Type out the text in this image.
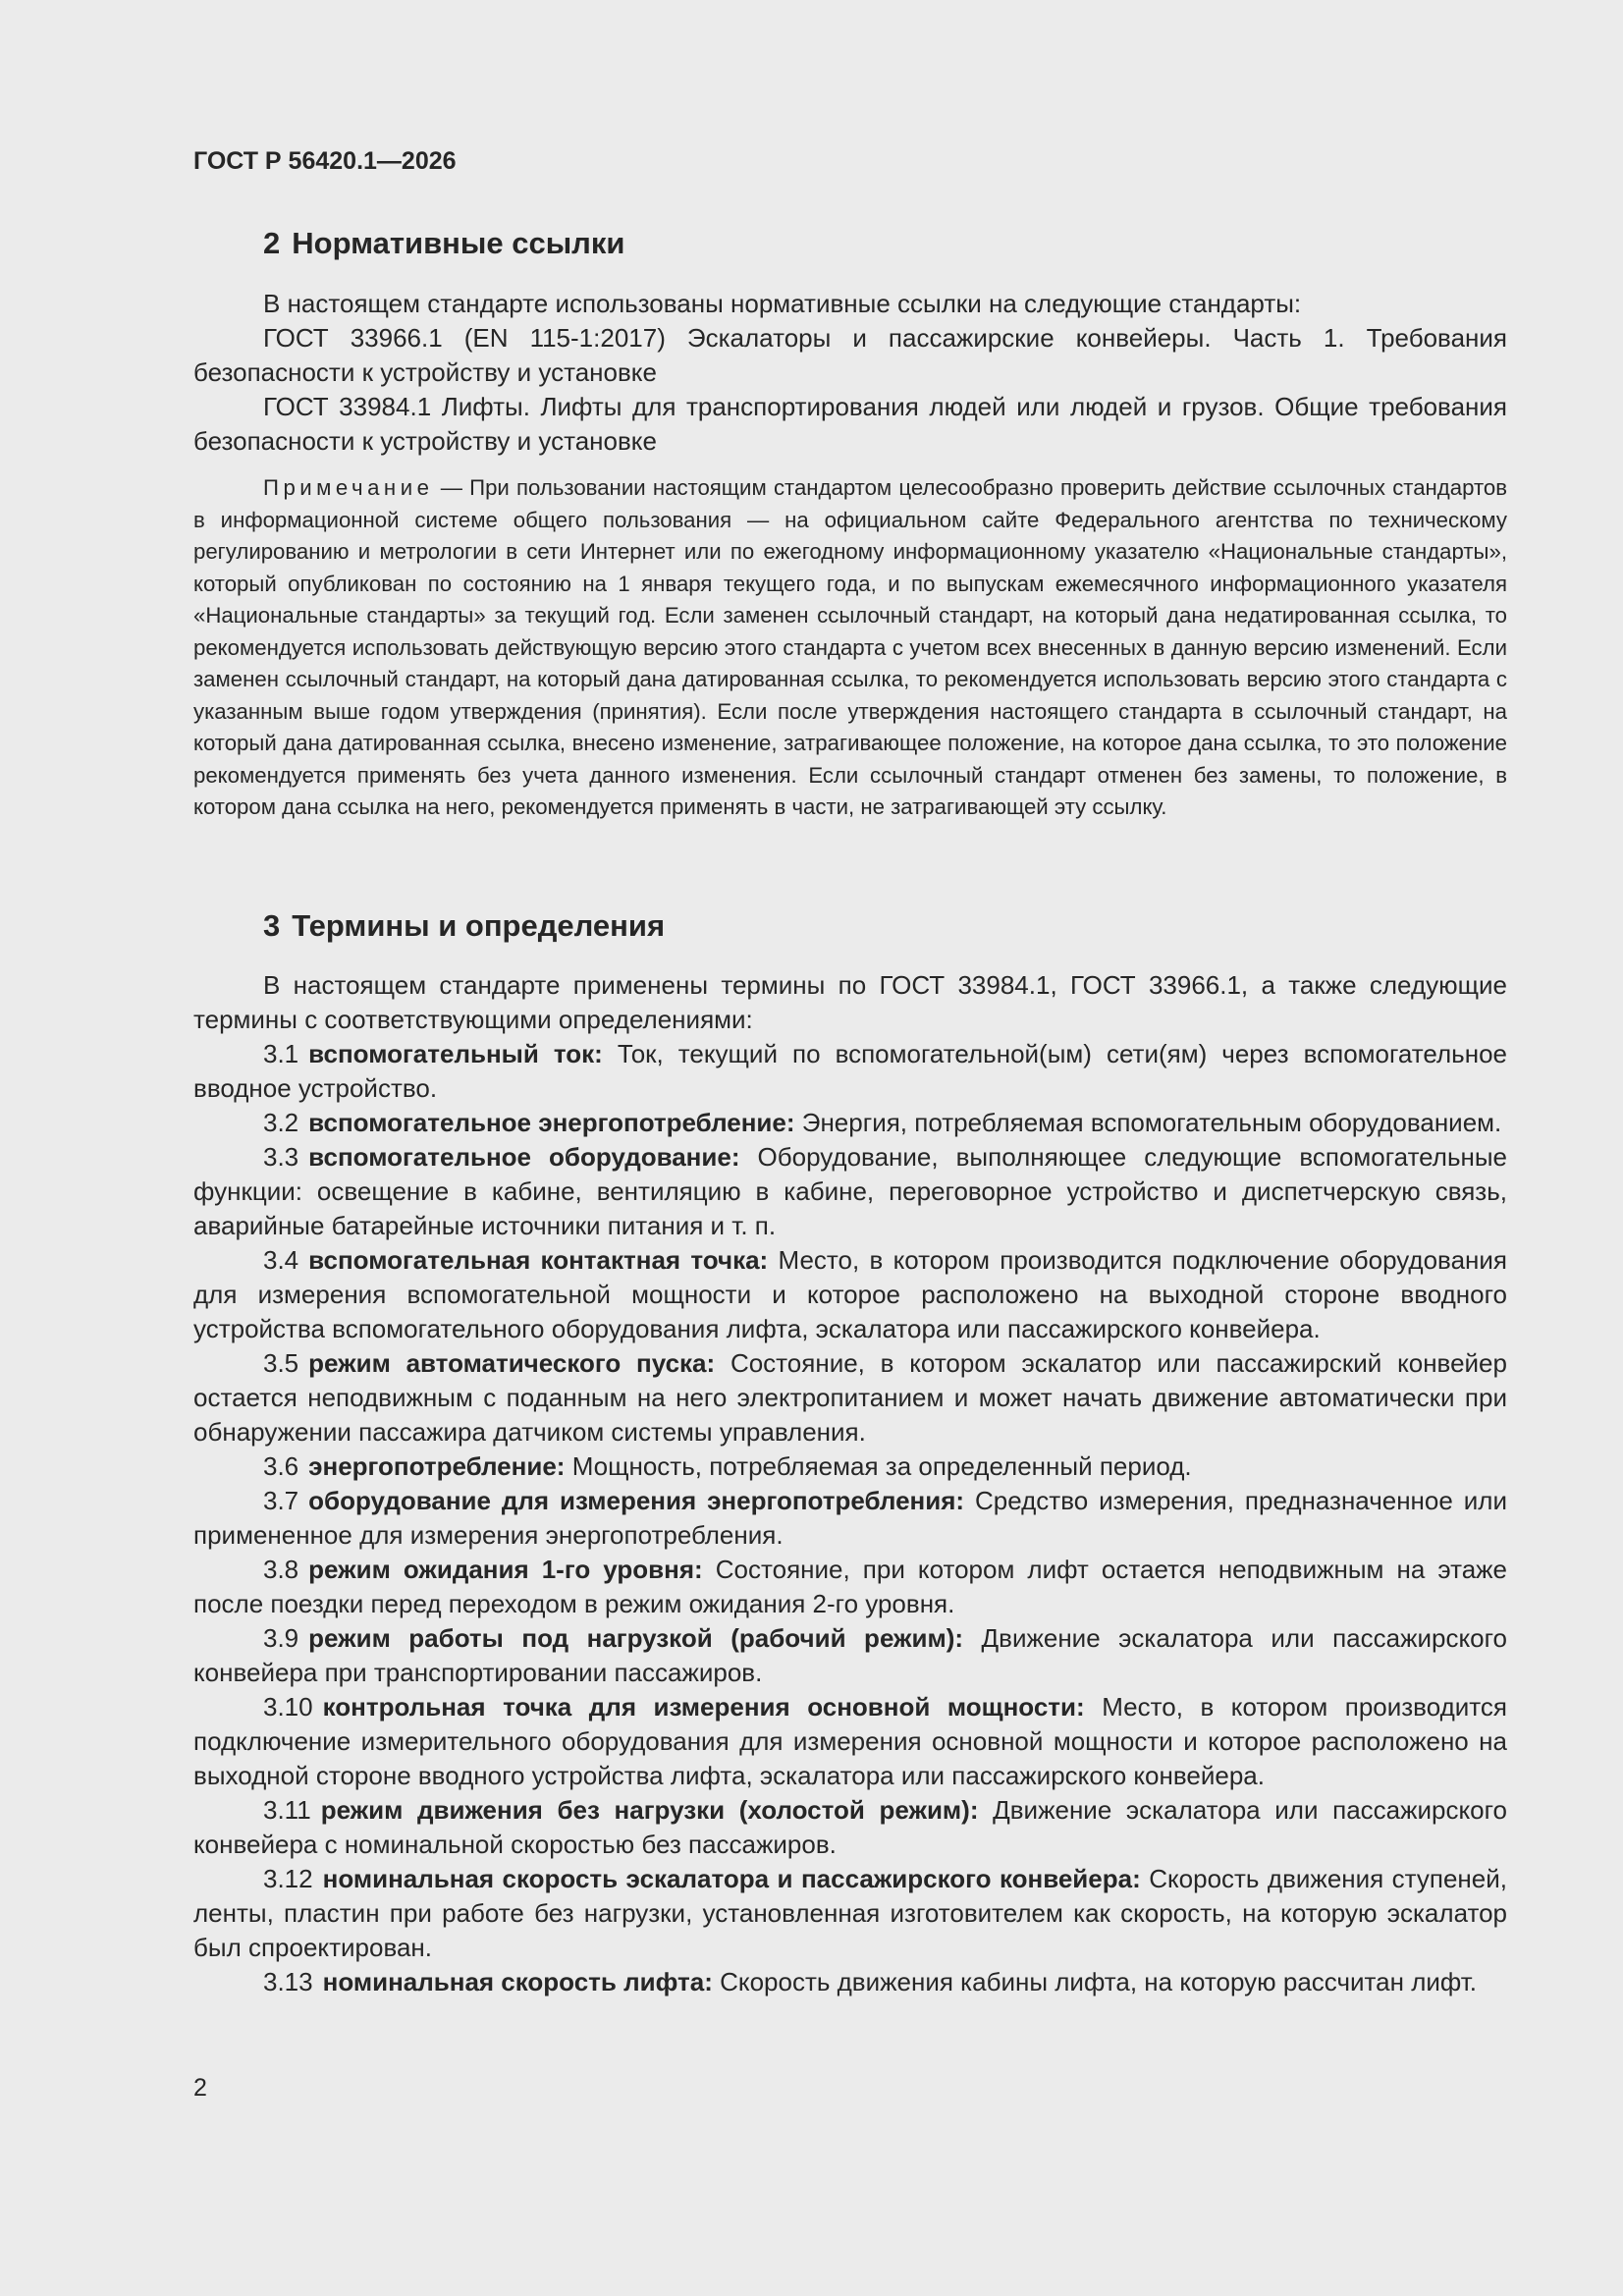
ГОСТ Р 56420.1—2026
2 Нормативные ссылки

В настоящем стандарте использованы нормативные ссылки на следующие стандарты:

ГОСТ 33966.1 (EN 115-1:2017) Эскалаторы и пассажирские конвейеры. Часть 1. Требования безопасности к устройству и установке

ГОСТ 33984.1 Лифты. Лифты для транспортирования людей или людей и грузов. Общие требования безопасности к устройству и установке

Примечание — При пользовании настоящим стандартом целесообразно проверить действие ссылочных стандартов в информационной системе общего пользования — на официальном сайте Федерального агентства по техническому регулированию и метрологии в сети Интернет или по ежегодному информационному указателю «Национальные стандарты», который опубликован по состоянию на 1 января текущего года, и по выпускам ежемесячного информационного указателя «Национальные стандарты» за текущий год. Если заменен ссылочный стандарт, на который дана недатированная ссылка, то рекомендуется использовать действующую версию этого стандарта с учетом всех внесенных в данную версию изменений. Если заменен ссылочный стандарт, на который дана датированная ссылка, то рекомендуется использовать версию этого стандарта с указанным выше годом утверждения (принятия). Если после утверждения настоящего стандарта в ссылочный стандарт, на который дана датированная ссылка, внесено изменение, затрагивающее положение, на которое дана ссылка, то это положение рекомендуется применять без учета данного изменения. Если ссылочный стандарт отменен без замены, то положение, в котором дана ссылка на него, рекомендуется применять в части, не затрагивающей эту ссылку.

3 Термины и определения

В настоящем стандарте применены термины по ГОСТ 33984.1, ГОСТ 33966.1, а также следующие термины с соответствующими определениями:

3.1 вспомогательный ток: Ток, текущий по вспомогательной(ым) сети(ям) через вспомогательное вводное устройство.

3.2 вспомогательное энергопотребление: Энергия, потребляемая вспомогательным оборудованием.

3.3 вспомогательное оборудование: Оборудование, выполняющее следующие вспомогательные функции: освещение в кабине, вентиляцию в кабине, переговорное устройство и диспетчерскую связь, аварийные батарейные источники питания и т. п.

3.4 вспомогательная контактная точка: Место, в котором производится подключение оборудования для измерения вспомогательной мощности и которое расположено на выходной стороне вводного устройства вспомогательного оборудования лифта, эскалатора или пассажирского конвейера.

3.5 режим автоматического пуска: Состояние, в котором эскалатор или пассажирский конвейер остается неподвижным с поданным на него электропитанием и может начать движение автоматически при обнаружении пассажира датчиком системы управления.

3.6 энергопотребление: Мощность, потребляемая за определенный период.

3.7 оборудование для измерения энергопотребления: Средство измерения, предназначенное или примененное для измерения энергопотребления.

3.8 режим ожидания 1-го уровня: Состояние, при котором лифт остается неподвижным на этаже после поездки перед переходом в режим ожидания 2-го уровня.

3.9 режим работы под нагрузкой (рабочий режим): Движение эскалатора или пассажирского конвейера при транспортировании пассажиров.

3.10 контрольная точка для измерения основной мощности: Место, в котором производится подключение измерительного оборудования для измерения основной мощности и которое расположено на выходной стороне вводного устройства лифта, эскалатора или пассажирского конвейера.

3.11 режим движения без нагрузки (холостой режим): Движение эскалатора или пассажирского конвейера с номинальной скоростью без пассажиров.

3.12 номинальная скорость эскалатора и пассажирского конвейера: Скорость движения ступеней, ленты, пластин при работе без нагрузки, установленная изготовителем как скорость, на которую эскалатор был спроектирован.

3.13 номинальная скорость лифта: Скорость движения кабины лифта, на которую рассчитан лифт.

2
